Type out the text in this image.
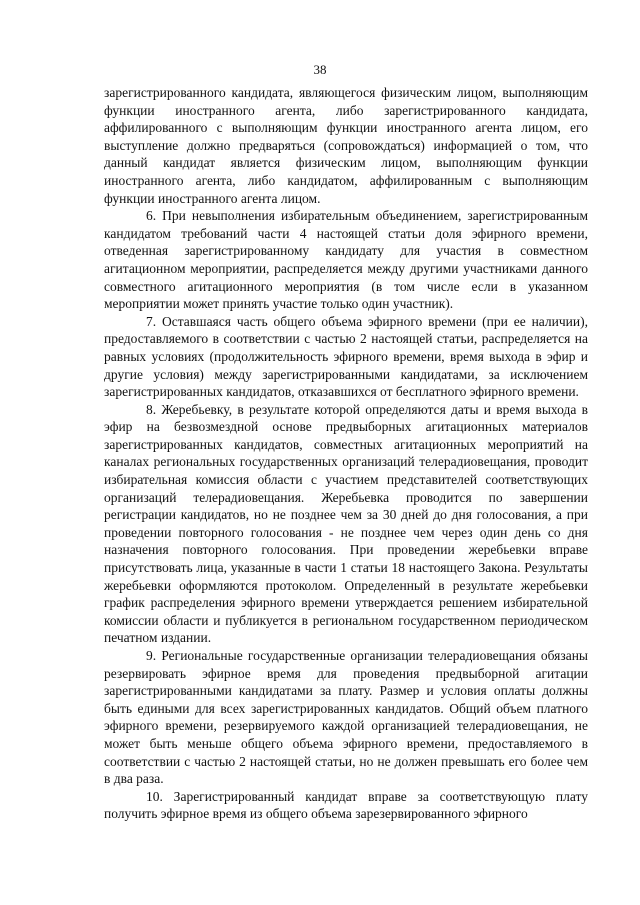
38

зарегистрированного кандидата, являющегося физическим лицом, выполняющим функции иностранного агента, либо зарегистрированного кандидата, аффилированного с выполняющим функции иностранного агента лицом, его выступление должно предваряться (сопровождаться) информацией о том, что данный кандидат является физическим лицом, выполняющим функции иностранного агента, либо кандидатом, аффилированным с выполняющим функции иностранного агента лицом.

6. При невыполнения избирательным объединением, зарегистрированным кандидатом требований части 4 настоящей статьи доля эфирного времени, отведенная зарегистрированному кандидату для участия в совместном агитационном мероприятии, распределяется между другими участниками данного совместного агитационного мероприятия (в том числе если в указанном мероприятии может принять участие только один участник).

7. Оставшаяся часть общего объема эфирного времени (при ее наличии), предоставляемого в соответствии с частью 2 настоящей статьи, распределяется на равных условиях (продолжительность эфирного времени, время выхода в эфир и другие условия) между зарегистрированными кандидатами, за исключением зарегистрированных кандидатов, отказавшихся от бесплатного эфирного времени.

8. Жеребьевку, в результате которой определяются даты и время выхода в эфир на безвозмездной основе предвыборных агитационных материалов зарегистрированных кандидатов, совместных агитационных мероприятий на каналах региональных государственных организаций телерадиовещания, проводит избирательная комиссия области с участием представителей соответствующих организаций телерадиовещания. Жеребьевка проводится по завершении регистрации кандидатов, но не позднее чем за 30 дней до дня голосования, а при проведении повторного голосования - не позднее чем через один день со дня назначения повторного голосования. При проведении жеребьевки вправе присутствовать лица, указанные в части 1 статьи 18 настоящего Закона. Результаты жеребьевки оформляются протоколом. Определенный в результате жеребьевки график распределения эфирного времени утверждается решением избирательной комиссии области и публикуется в региональном государственном периодическом печатном издании.

9. Региональные государственные организации телерадиовещания обязаны резервировать эфирное время для проведения предвыборной агитации зарегистрированными кандидатами за плату. Размер и условия оплаты должны быть едиными для всех зарегистрированных кандидатов. Общий объем платного эфирного времени, резервируемого каждой организацией телерадиовещания, не может быть меньше общего объема эфирного времени, предоставляемого в соответствии с частью 2 настоящей статьи, но не должен превышать его более чем в два раза.

10. Зарегистрированный кандидат вправе за соответствующую плату получить эфирное время из общего объема зарезервированного эфирного
